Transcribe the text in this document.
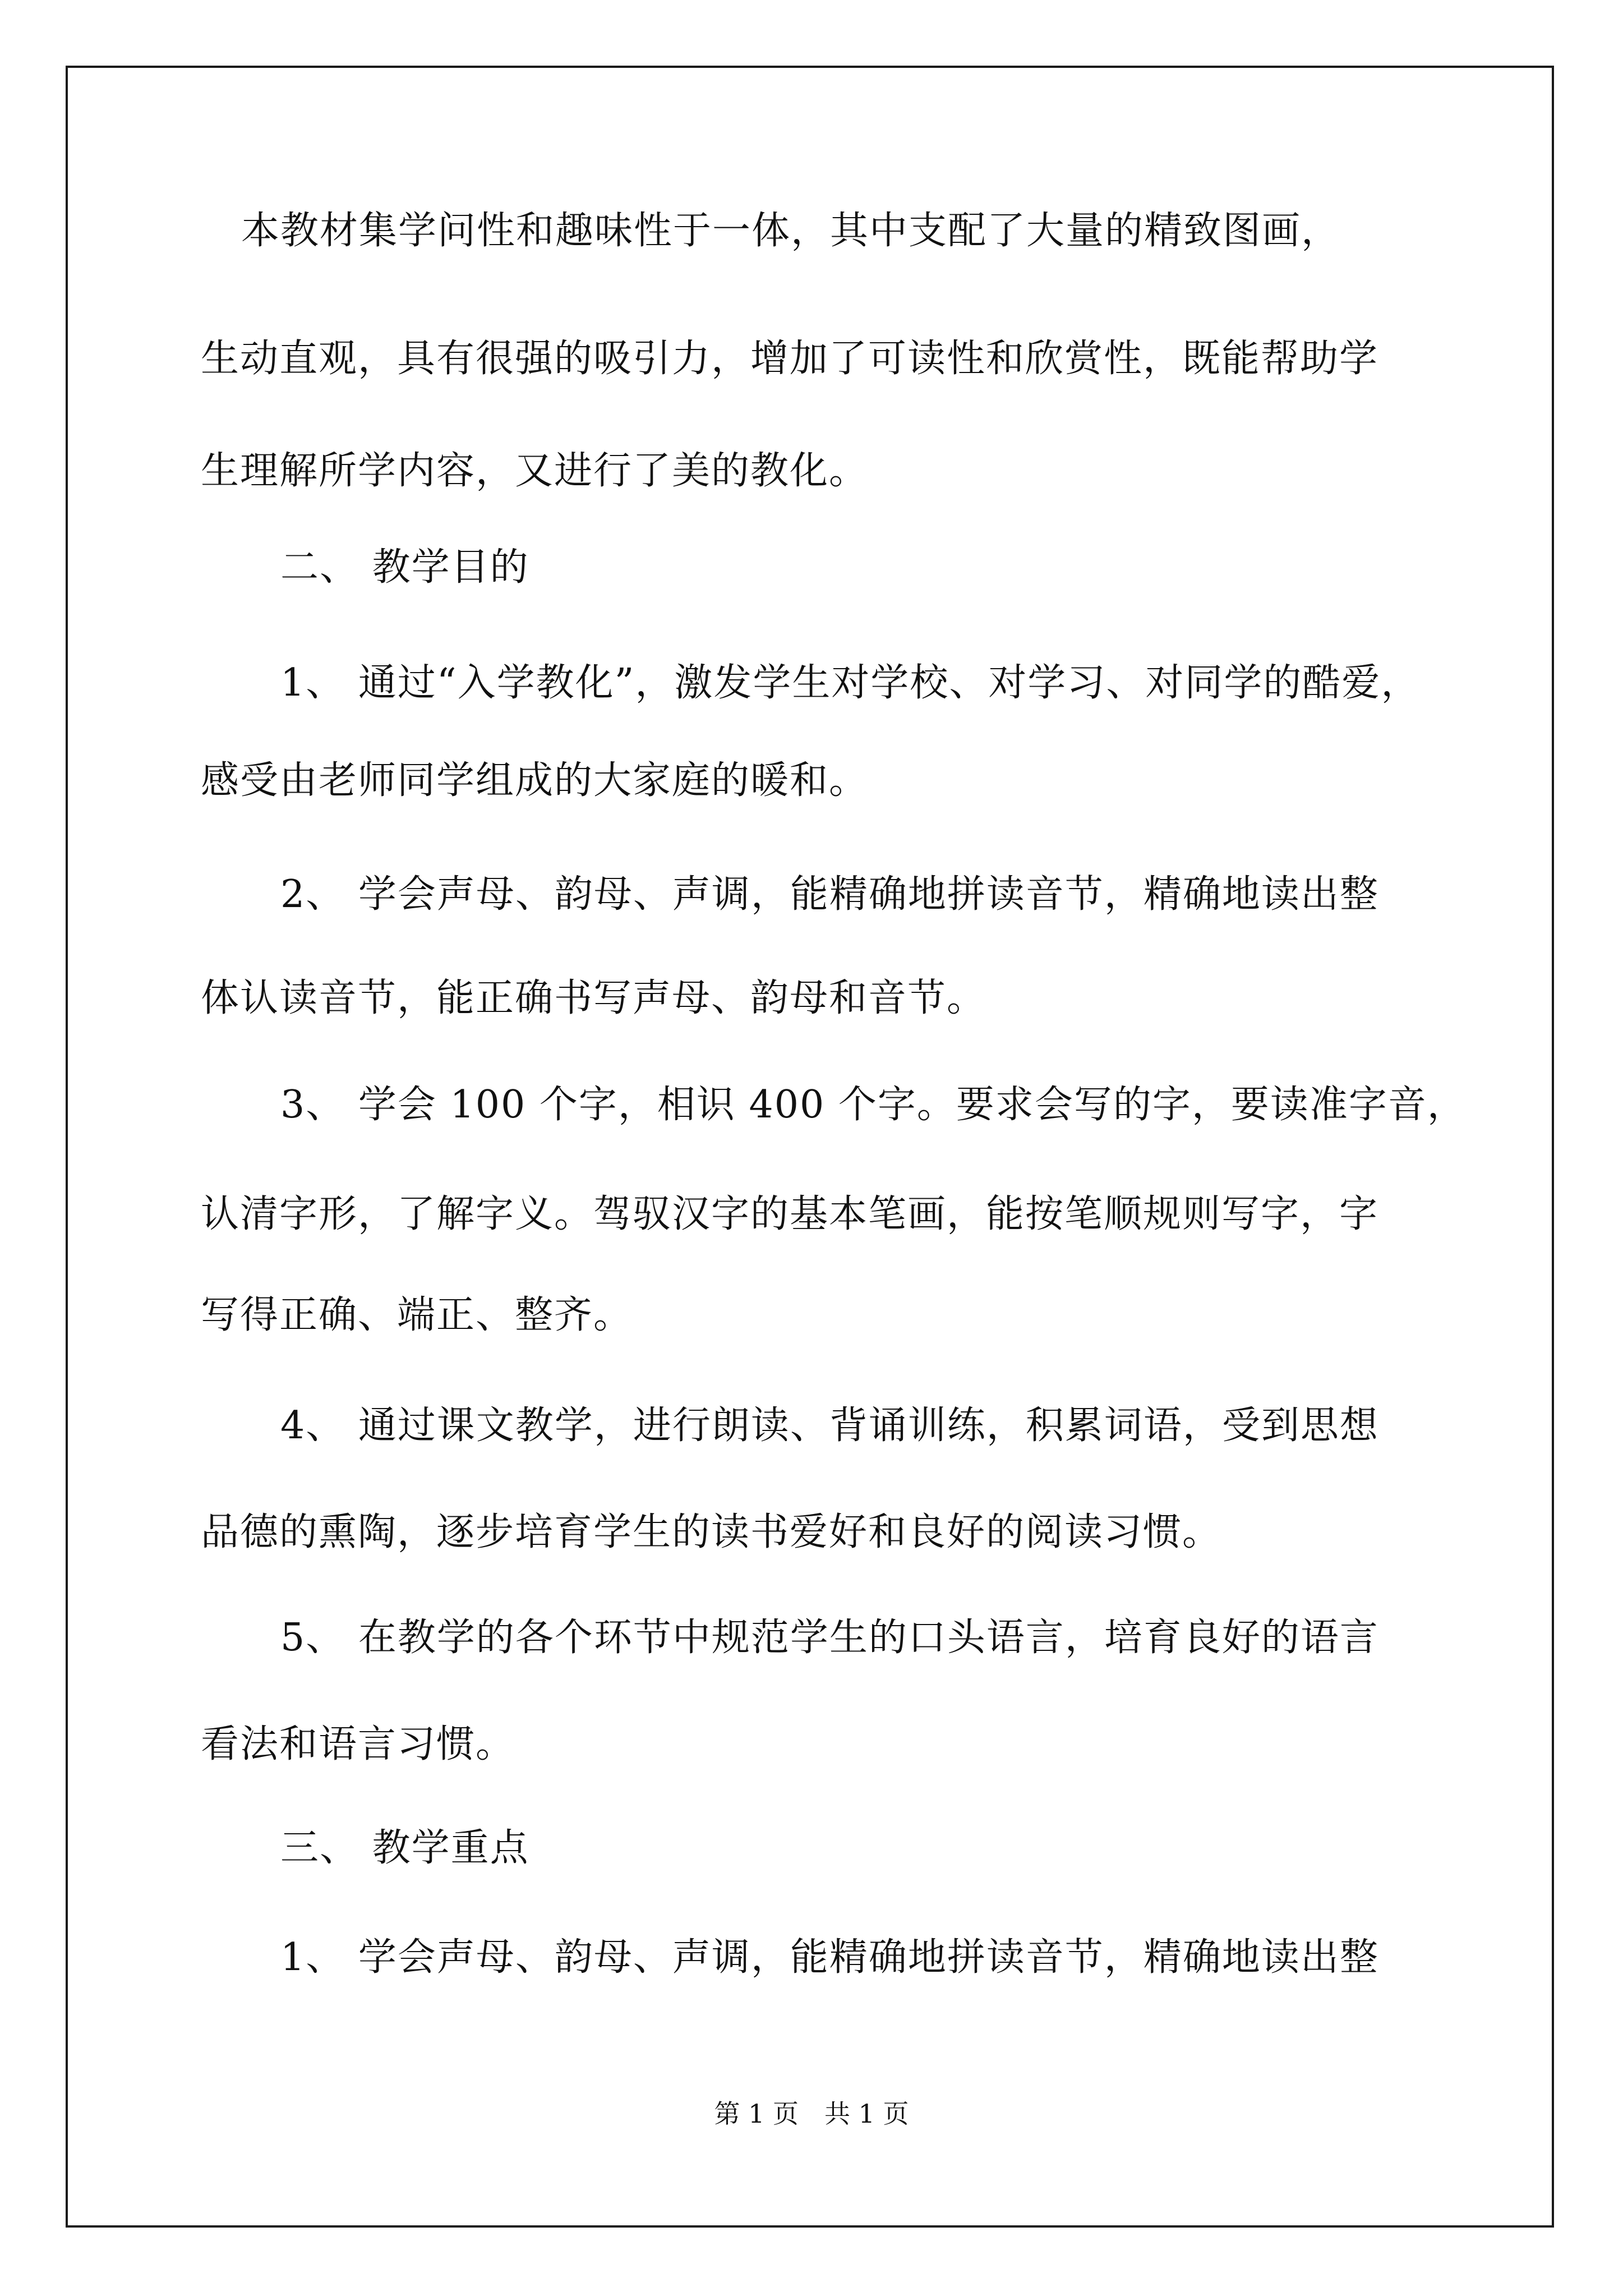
本教材集学问性和趣味性于一体，其中支配了大量的精致图画，
生动直观，具有很强的吸引力，增加了可读性和欣赏性，既能帮助学
生理解所学内容，又进行了美的教化。
二、 教学目的
1、 通过“入学教化”，激发学生对学校、对学习、对同学的酷爱，
感受由老师同学组成的大家庭的暖和。
2、 学会声母、韵母、声调，能精确地拼读音节，精确地读出整
体认读音节，能正确书写声母、韵母和音节。
3、 学会 100 个字，相识 400 个字。要求会写的字，要读准字音，
认清字形，了解字义。驾驭汉字的基本笔画，能按笔顺规则写字，字
写得正确、端正、整齐。
4、 通过课文教学，进行朗读、背诵训练，积累词语，受到思想
品德的熏陶，逐步培育学生的读书爱好和良好的阅读习惯。
5、 在教学的各个环节中规范学生的口头语言，培育良好的语言
看法和语言习惯。
三、 教学重点
1、 学会声母、韵母、声调，能精确地拼读音节，精确地读出整
第 1 页　共 1 页
